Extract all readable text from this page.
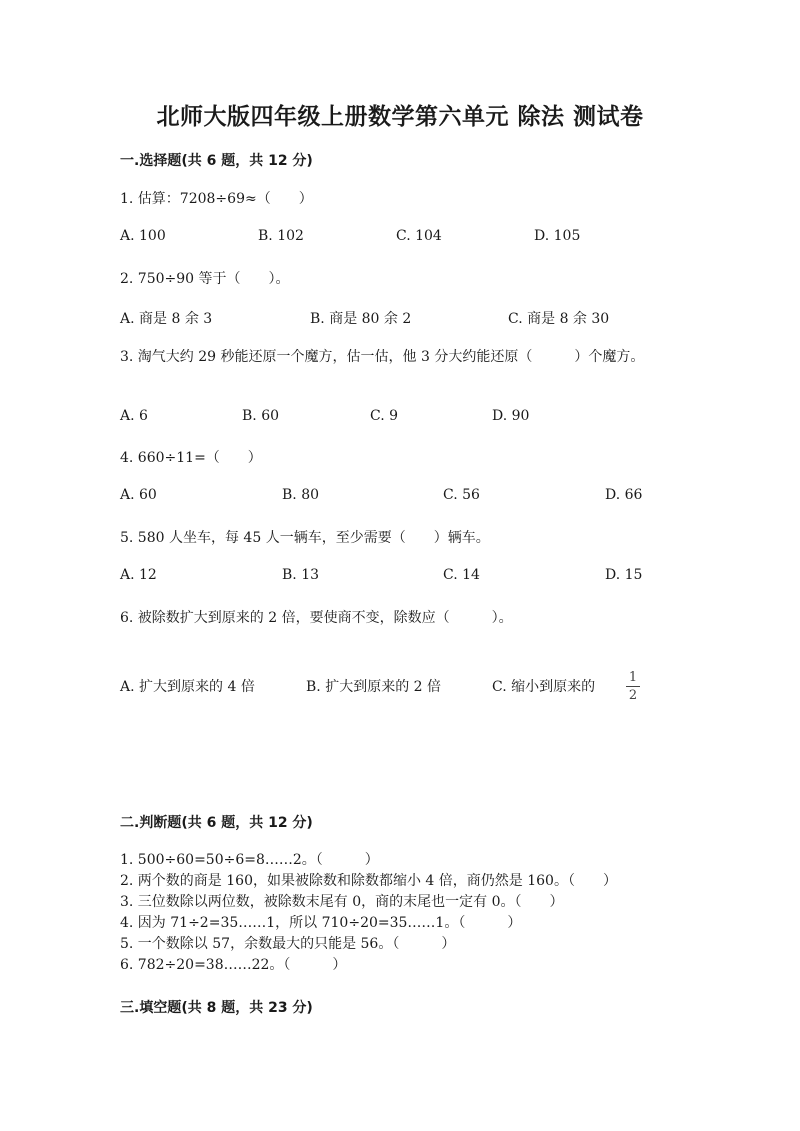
北师大版四年级上册数学第六单元 除法 测试卷
一.选择题(共 6 题，共 12 分)
1. 估算：7208÷69≈（　　）
A. 100	B. 102	C. 104	D. 105
2. 750÷90 等于（　　）。
A. 商是 8 余 3	B. 商是 80 余 2	C. 商是 8 余 30
3. 淘气大约 29 秒能还原一个魔方，估一估，他 3 分大约能还原（　　　）个魔方。
A. 6	B. 60	C. 9	D. 90
4. 660÷11=（　　）
A. 60	B. 80	C. 56	D. 66
5. 580 人坐车，每 45 人一辆车，至少需要（　　）辆车。
A. 12	B. 13	C. 14	D. 15
6. 被除数扩大到原来的 2 倍，要使商不变，除数应（　　　）。
A. 扩大到原来的 4 倍	B. 扩大到原来的 2 倍	C. 缩小到原来的
1
2
二.判断题(共 6 题，共 12 分)
1. 500÷60=50÷6=8……2。（　　　）
2. 两个数的商是 160，如果被除数和除数都缩小 4 倍，商仍然是 160。（　　）
3. 三位数除以两位数，被除数末尾有 0，商的末尾也一定有 0。（　　）
4. 因为 71÷2=35……1，所以 710÷20=35……1。（　　　）
5. 一个数除以 57，余数最大的只能是 56。（　　　）
6. 782÷20=38……22。（　　　）
三.填空题(共 8 题，共 23 分)
